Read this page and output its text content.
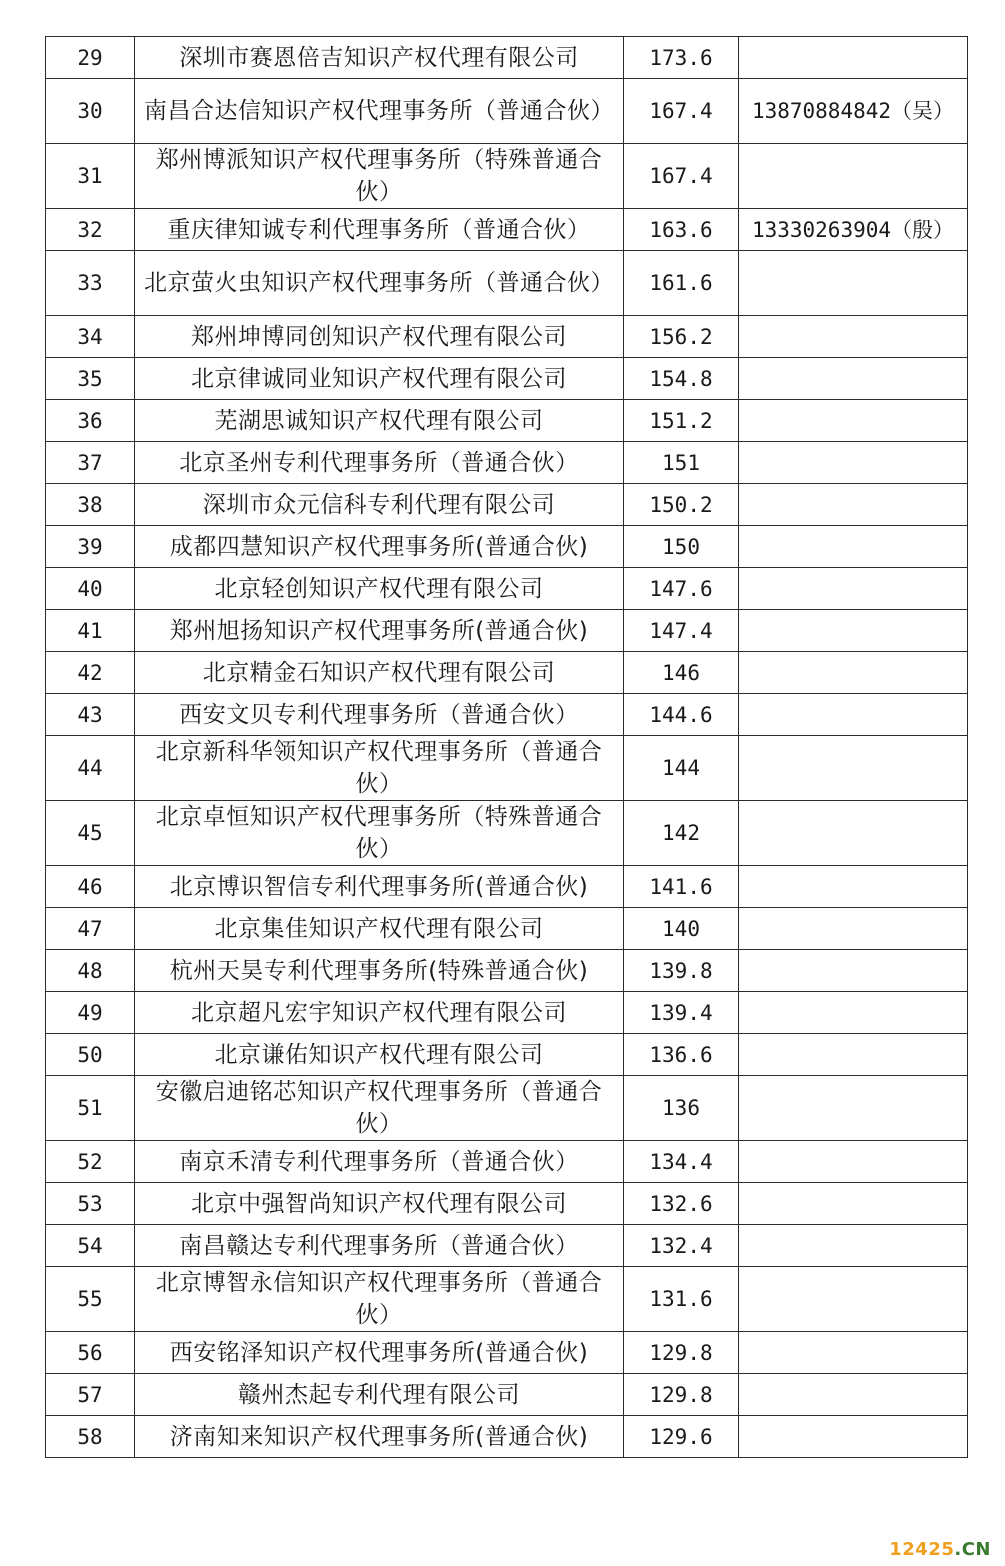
29	深圳市赛恩倍吉知识产权代理有限公司	173.6	
30	南昌合达信知识产权代理事务所（普通合伙）	167.4	13870884842（吴）
31	郑州博派知识产权代理事务所（特殊普通合伙）	167.4	
32	重庆律知诚专利代理事务所（普通合伙）	163.6	13330263904（殷）
33	北京萤火虫知识产权代理事务所（普通合伙）	161.6	
34	郑州坤博同创知识产权代理有限公司	156.2	
35	北京律诚同业知识产权代理有限公司	154.8	
36	芜湖思诚知识产权代理有限公司	151.2	
37	北京圣州专利代理事务所（普通合伙）	151	
38	深圳市众元信科专利代理有限公司	150.2	
39	成都四慧知识产权代理事务所(普通合伙)	150	
40	北京轻创知识产权代理有限公司	147.6	
41	郑州旭扬知识产权代理事务所(普通合伙)	147.4	
42	北京精金石知识产权代理有限公司	146	
43	西安文贝专利代理事务所（普通合伙）	144.6	
44	北京新科华领知识产权代理事务所（普通合伙）	144	
45	北京卓恒知识产权代理事务所（特殊普通合伙）	142	
46	北京博识智信专利代理事务所(普通合伙)	141.6	
47	北京集佳知识产权代理有限公司	140	
48	杭州天昊专利代理事务所(特殊普通合伙)	139.8	
49	北京超凡宏宇知识产权代理有限公司	139.4	
50	北京谦佑知识产权代理有限公司	136.6	
51	安徽启迪铭芯知识产权代理事务所（普通合伙）	136	
52	南京禾清专利代理事务所（普通合伙）	134.4	
53	北京中强智尚知识产权代理有限公司	132.6	
54	南昌赣达专利代理事务所（普通合伙）	132.4	
55	北京博智永信知识产权代理事务所（普通合伙）	131.6	
56	西安铭泽知识产权代理事务所(普通合伙)	129.8	
57	赣州杰起专利代理有限公司	129.8	
58	济南知来知识产权代理事务所(普通合伙)	129.6	
12425.CN
